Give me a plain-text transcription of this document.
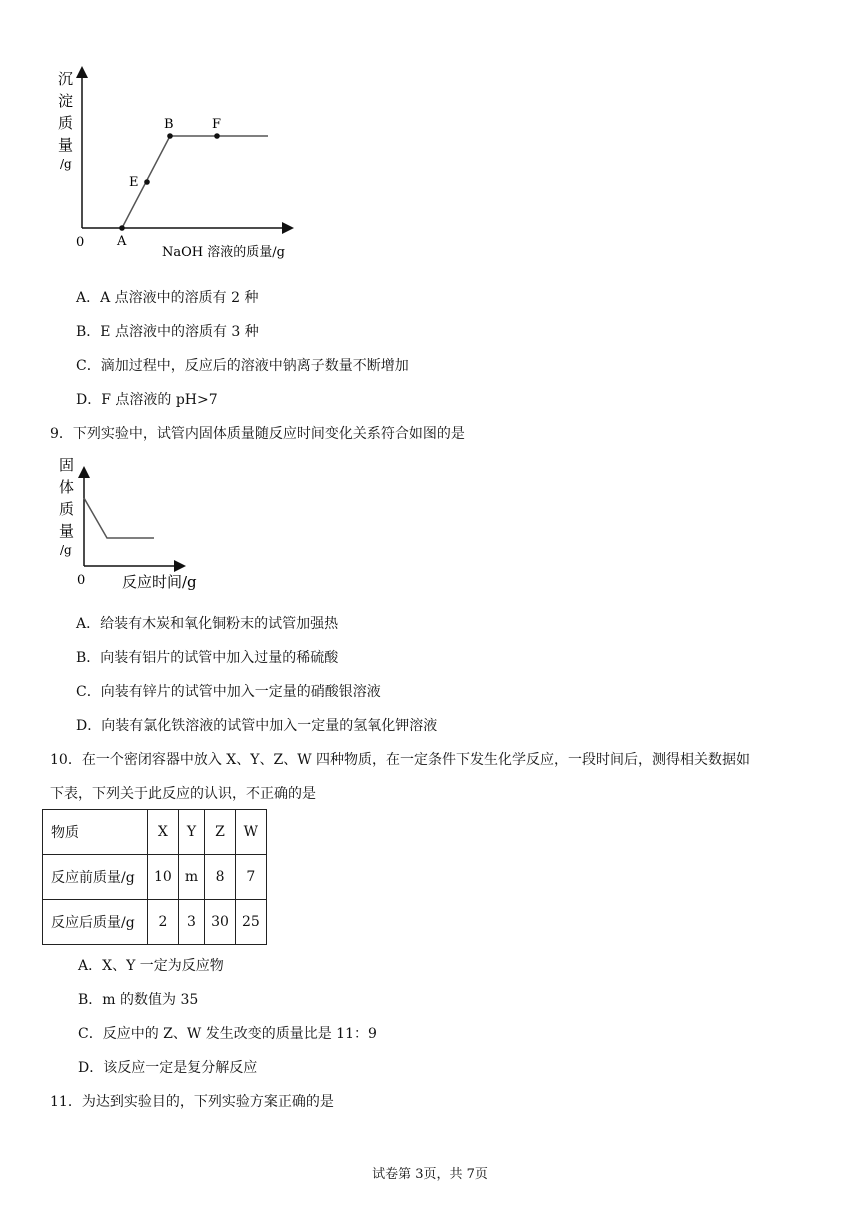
沉
淀
质
量
/g
0
NaOH 溶液的质量/g
A
E
B	F
A．A 点溶液中的溶质有 2 种
B．E 点溶液中的溶质有 3 种
C．滴加过程中，反应后的溶液中钠离子数量不断增加
D．F 点溶液的 pH>7
9．下列实验中，试管内固体质量随反应时间变化关系符合如图的是
固
体
质
量
/g
0 反应时间/g
A．给装有木炭和氧化铜粉末的试管加强热
B．向装有铝片的试管中加入过量的稀硫酸
C．向装有锌片的试管中加入一定量的硝酸银溶液
D．向装有氯化铁溶液的试管中加入一定量的氢氧化钾溶液
10．在一个密闭容器中放入 X、Y、Z、W 四种物质，在一定条件下发生化学反应，一段时间后，测得相关数据如
下表，下列关于此反应的认识，不正确的是
物质	X	Y	Z	W
反应前质量/g	10	m	8	7
反应后质量/g	2	3	30	25
A．X、Y 一定为反应物
B．m 的数值为 35
C．反应中的 Z、W 发生改变的质量比是 11：9
D．该反应一定是复分解反应
11．为达到实验目的，下列实验方案正确的是
试卷第 3页，共 7页
